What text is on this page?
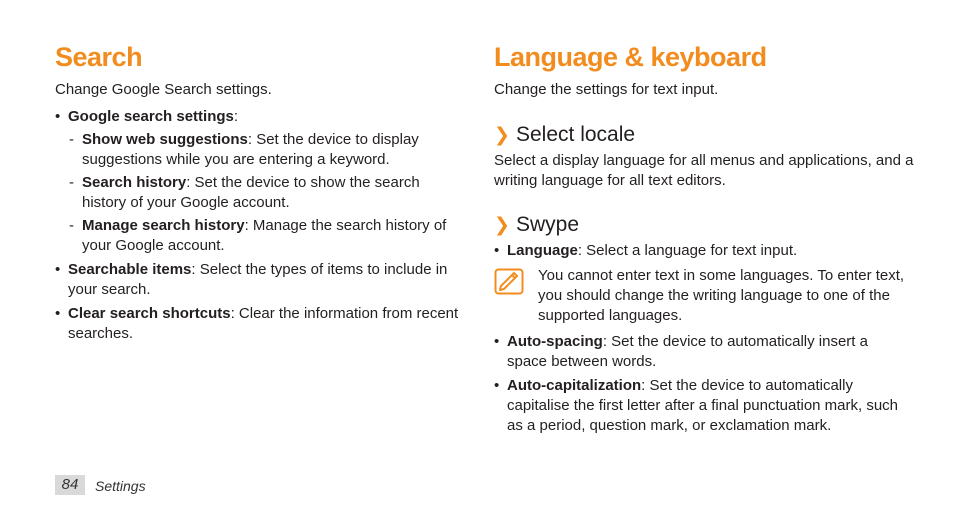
Search
Change Google Search settings.
• Google search settings:
- Show web suggestions: Set the device to display suggestions while you are entering a keyword.
- Search history: Set the device to show the search history of your Google account.
- Manage search history: Manage the search history of your Google account.
• Searchable items: Select the types of items to include in your search.
• Clear search shortcuts: Clear the information from recent searches.
Language & keyboard
Change the settings for text input.
❯ Select locale
Select a display language for all menus and applications, and a writing language for all text editors.
❯ Swype
• Language: Select a language for text input.
You cannot enter text in some languages. To enter text, you should change the writing language to one of the supported languages.
• Auto-spacing: Set the device to automatically insert a space between words.
• Auto-capitalization: Set the device to automatically capitalise the first letter after a final punctuation mark, such as a period, question mark, or exclamation mark.
84	Settings
